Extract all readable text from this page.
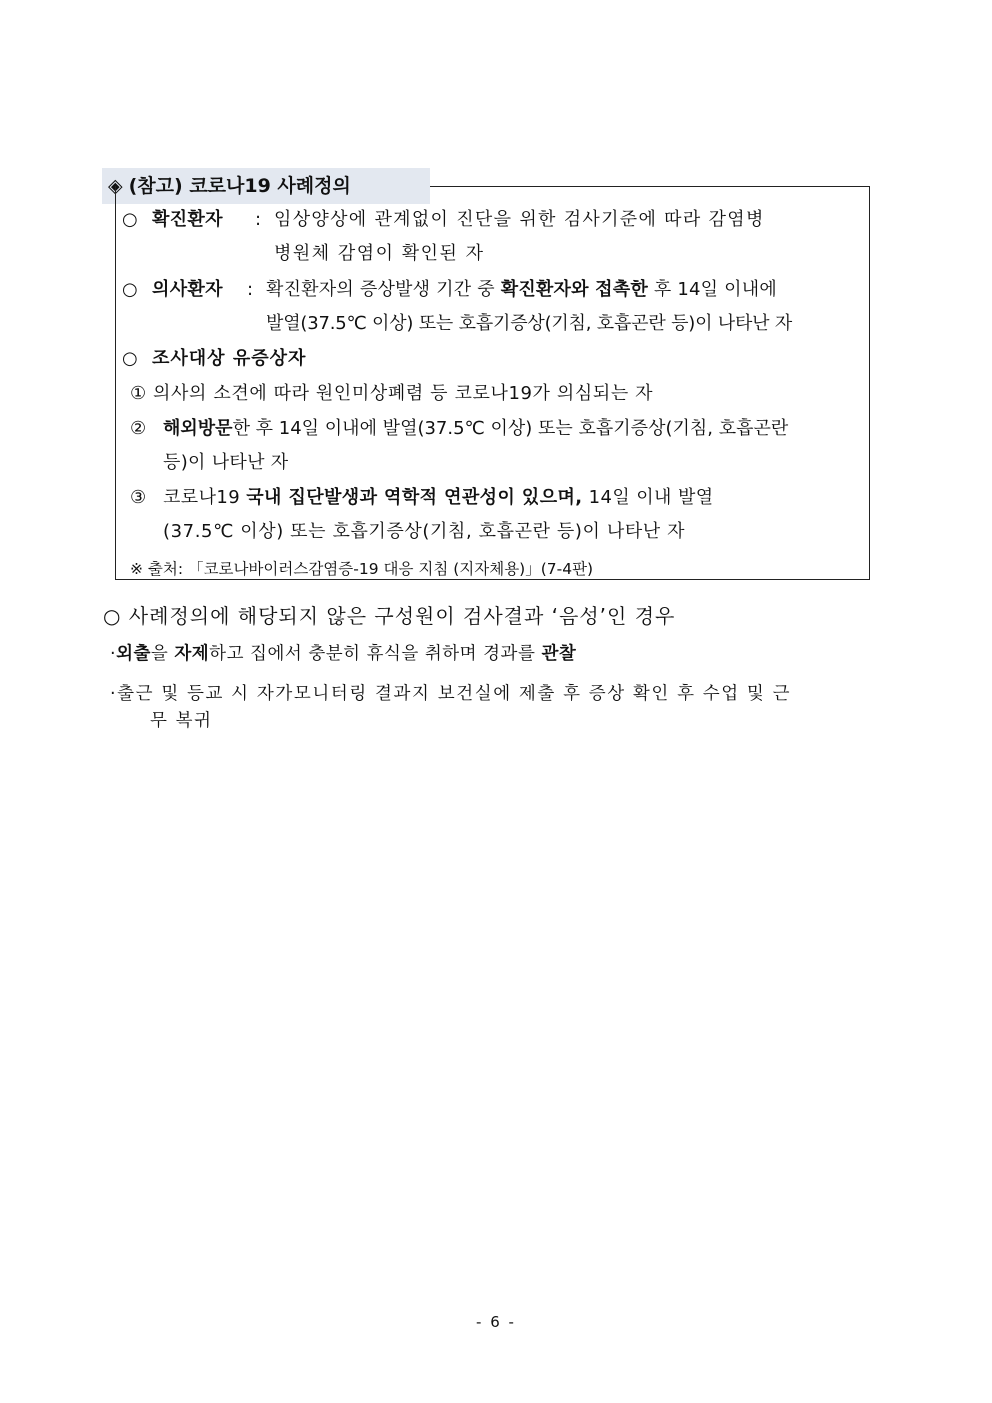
◈ (참고) 코로나19 사례정의
○ 확진환자 : 임상양상에 관계없이 진단을 위한 검사기준에 따라 감염병
병원체 감염이 확인된 자
○ 의사환자 : 확진환자의 증상발생 기간 중 확진환자와 접촉한 후 14일 이내에
발열(37.5℃ 이상) 또는 호흡기증상(기침, 호흡곤란 등)이 나타난 자
○ 조사대상 유증상자
① 의사의 소견에 따라 원인미상폐렴 등 코로나19가 의심되는 자
② 해외방문한 후 14일 이내에 발열(37.5℃ 이상) 또는 호흡기증상(기침, 호흡곤란
등)이 나타난 자
③ 코로나19 국내 집단발생과 역학적 연관성이 있으며, 14일 이내 발열
(37.5℃ 이상) 또는 호흡기증상(기침, 호흡곤란 등)이 나타난 자
※ 출처: 「코로나바이러스감염증-19 대응 지침 (지자체용)」(7-4판)
○ 사례정의에 해당되지 않은 구성원이 검사결과 ‘음성’인 경우
·외출을 자제하고 집에서 충분히 휴식을 취하며 경과를 관찰
·출근 및 등교 시 자가모니터링 결과지 보건실에 제출 후 증상 확인 후 수업 및 근
무 복귀
- 6 -
